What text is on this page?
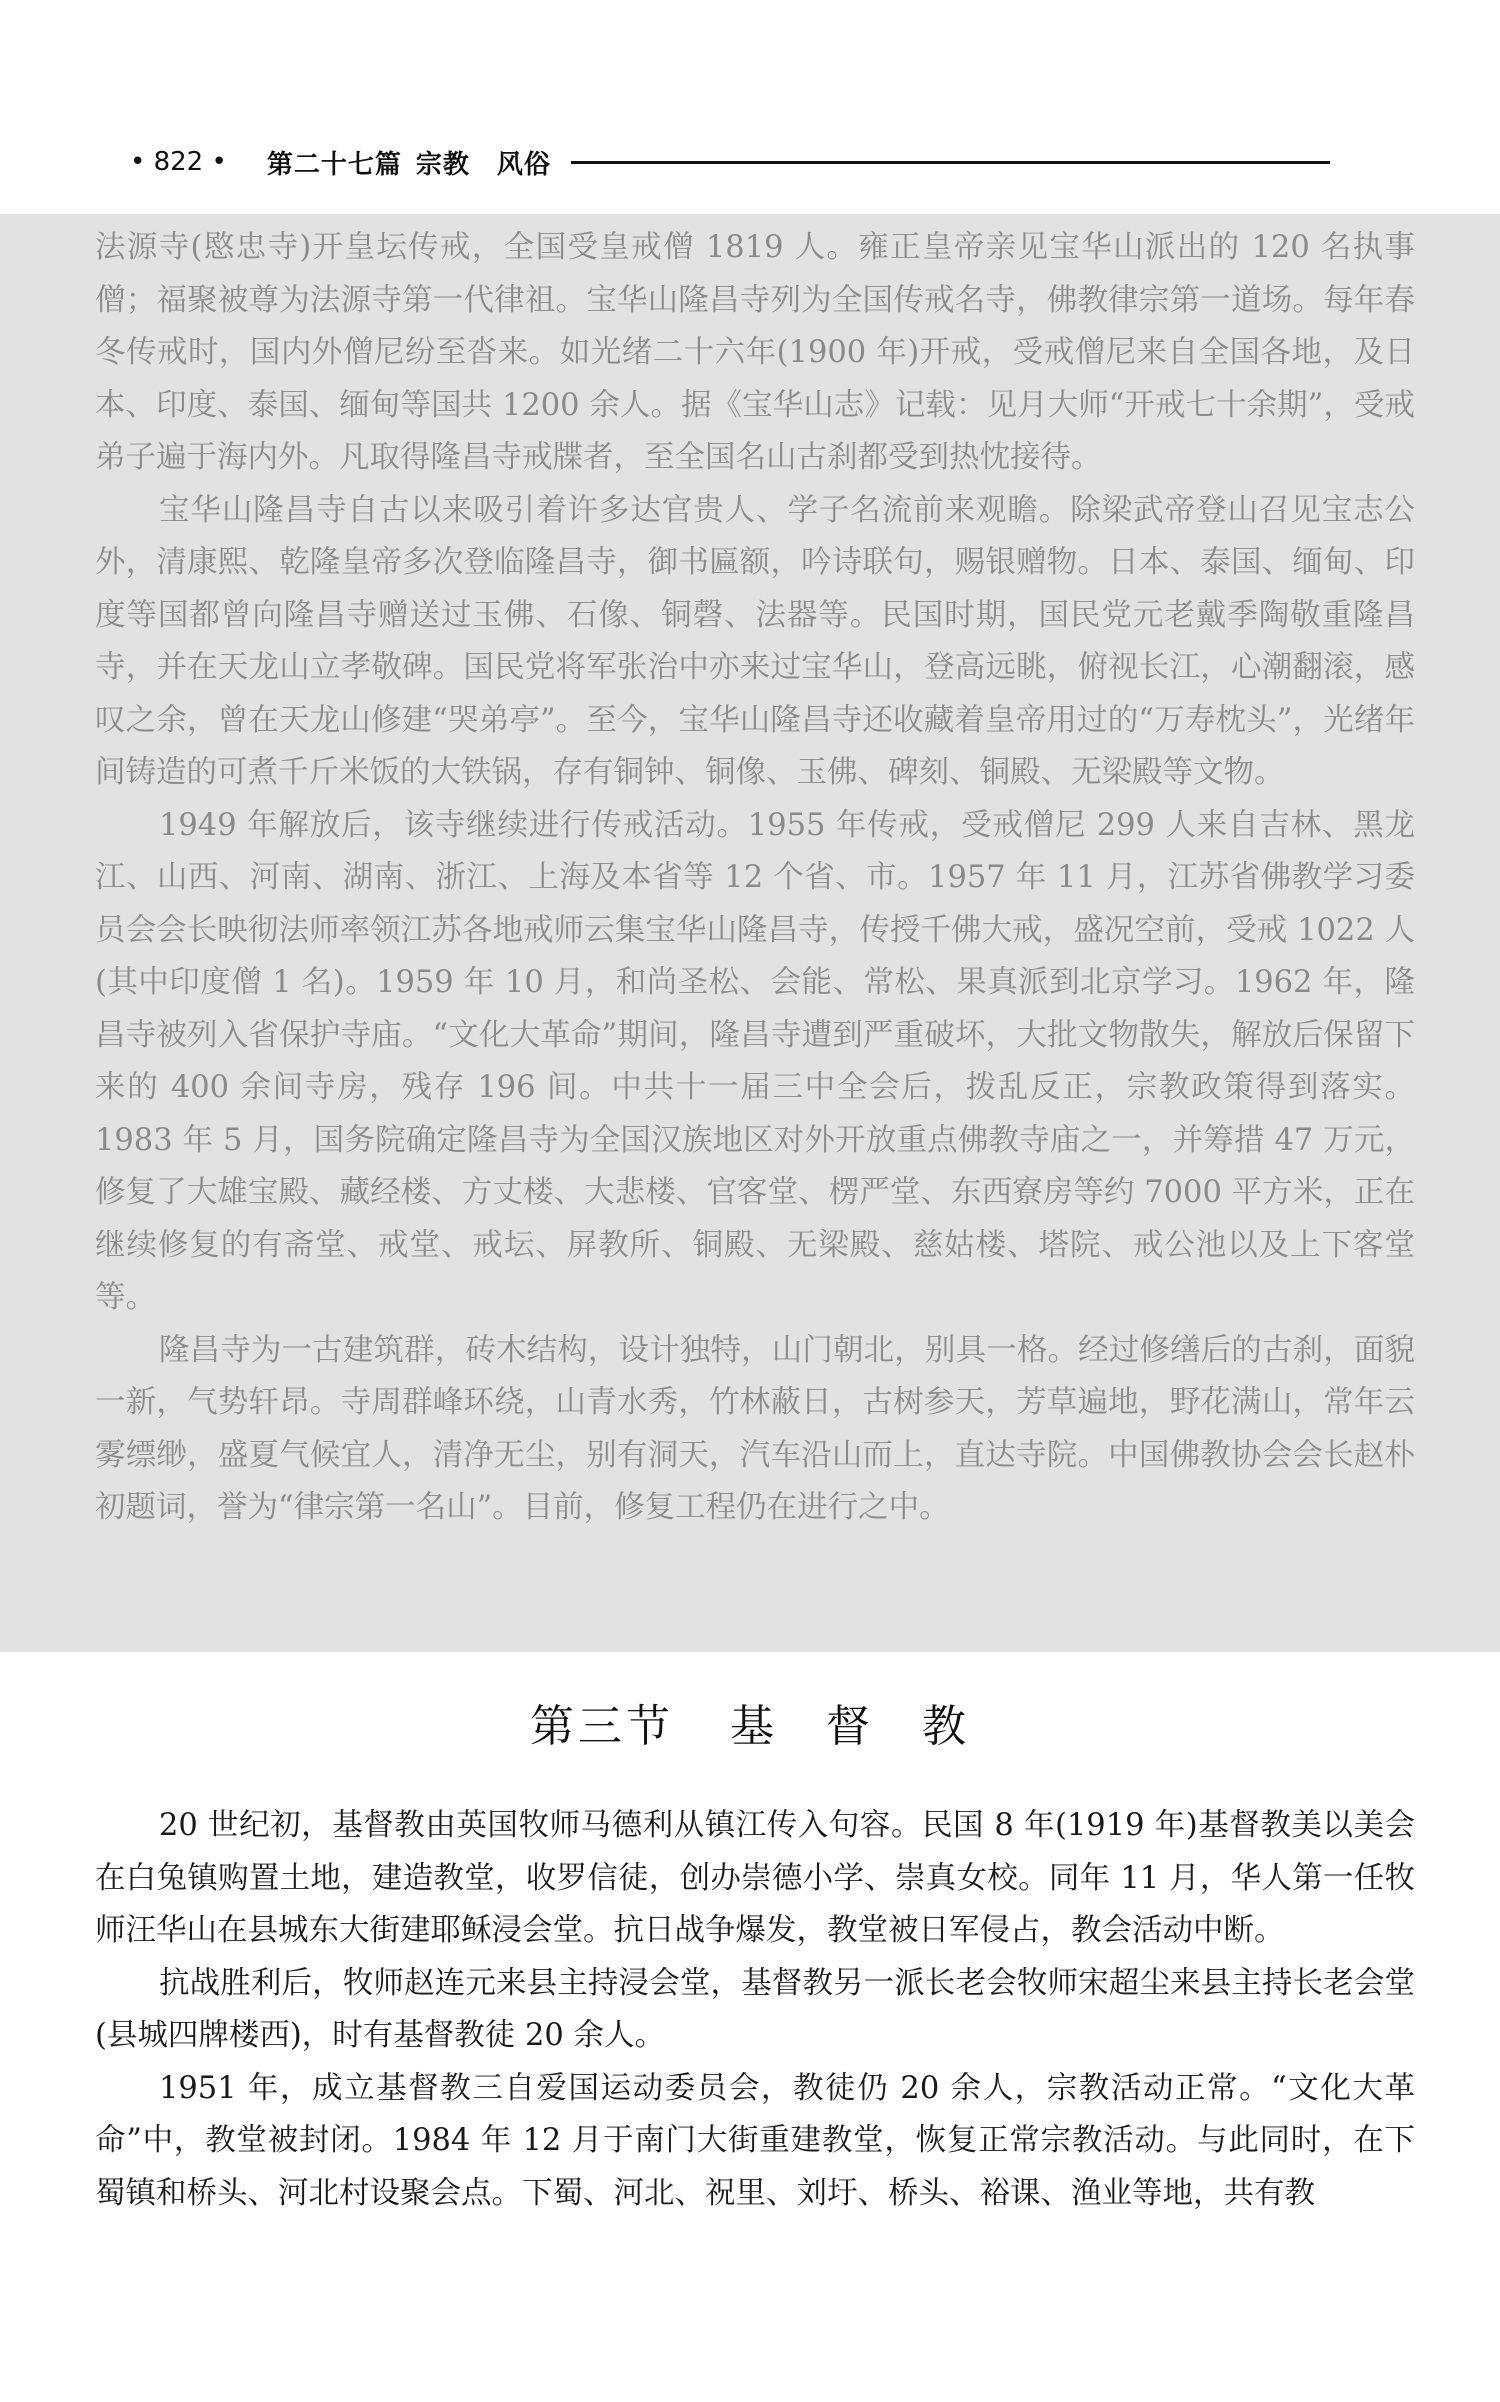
• 822 • 第二十七篇 宗教　风俗

法源寺(愍忠寺)开皇坛传戒，全国受皇戒僧 1819 人。雍正皇帝亲见宝华山派出的 120 名执事僧；福聚被尊为法源寺第一代律祖。宝华山隆昌寺列为全国传戒名寺，佛教律宗第一道场。每年春冬传戒时，国内外僧尼纷至沓来。如光绪二十六年(1900 年)开戒，受戒僧尼来自全国各地，及日本、印度、泰国、缅甸等国共 1200 余人。据《宝华山志》记载：见月大师“开戒七十余期”，受戒弟子遍于海内外。凡取得隆昌寺戒牒者，至全国名山古刹都受到热忱接待。

宝华山隆昌寺自古以来吸引着许多达官贵人、学子名流前来观瞻。除梁武帝登山召见宝志公外，清康熙、乾隆皇帝多次登临隆昌寺，御书匾额，吟诗联句，赐银赠物。日本、泰国、缅甸、印度等国都曾向隆昌寺赠送过玉佛、石像、铜磬、法器等。民国时期，国民党元老戴季陶敬重隆昌寺，并在天龙山立孝敬碑。国民党将军张治中亦来过宝华山，登高远眺，俯视长江，心潮翻滚，感叹之余，曾在天龙山修建“哭弟亭”。至今，宝华山隆昌寺还收藏着皇帝用过的“万寿枕头”，光绪年间铸造的可煮千斤米饭的大铁锅，存有铜钟、铜像、玉佛、碑刻、铜殿、无梁殿等文物。

1949 年解放后，该寺继续进行传戒活动。1955 年传戒，受戒僧尼 299 人来自吉林、黑龙江、山西、河南、湖南、浙江、上海及本省等 12 个省、市。1957 年 11 月，江苏省佛教学习委员会会长映彻法师率领江苏各地戒师云集宝华山隆昌寺，传授千佛大戒，盛况空前，受戒 1022 人(其中印度僧 1 名)。1959 年 10 月，和尚圣松、会能、常松、果真派到北京学习。1962 年，隆昌寺被列入省保护寺庙。“文化大革命”期间，隆昌寺遭到严重破坏，大批文物散失，解放后保留下来的 400 余间寺房，残存 196 间。中共十一届三中全会后，拨乱反正，宗教政策得到落实。1983 年 5 月，国务院确定隆昌寺为全国汉族地区对外开放重点佛教寺庙之一，并筹措 47 万元，修复了大雄宝殿、藏经楼、方丈楼、大悲楼、官客堂、楞严堂、东西寮房等约 7000 平方米，正在继续修复的有斋堂、戒堂、戒坛、屏教所、铜殿、无梁殿、慈姑楼、塔院、戒公池以及上下客堂等。

隆昌寺为一古建筑群，砖木结构，设计独特，山门朝北，别具一格。经过修缮后的古刹，面貌一新，气势轩昂。寺周群峰环绕，山青水秀，竹林蔽日，古树参天，芳草遍地，野花满山，常年云雾缥缈，盛夏气候宜人，清净无尘，别有洞天，汽车沿山而上，直达寺院。中国佛教协会会长赵朴初题词，誉为“律宗第一名山”。目前，修复工程仍在进行之中。

第三节 基　督　教

20 世纪初，基督教由英国牧师马德利从镇江传入句容。民国 8 年(1919 年)基督教美以美会在白兔镇购置土地，建造教堂，收罗信徒，创办崇德小学、崇真女校。同年 11 月，华人第一任牧师汪华山在县城东大街建耶稣浸会堂。抗日战争爆发，教堂被日军侵占，教会活动中断。

抗战胜利后，牧师赵连元来县主持浸会堂，基督教另一派长老会牧师宋超尘来县主持长老会堂(县城四牌楼西)，时有基督教徒 20 余人。

1951 年，成立基督教三自爱国运动委员会，教徒仍 20 余人，宗教活动正常。“文化大革命”中，教堂被封闭。1984 年 12 月于南门大街重建教堂，恢复正常宗教活动。与此同时，在下蜀镇和桥头、河北村设聚会点。下蜀、河北、祝里、刘圩、桥头、裕课、渔业等地，共有教
